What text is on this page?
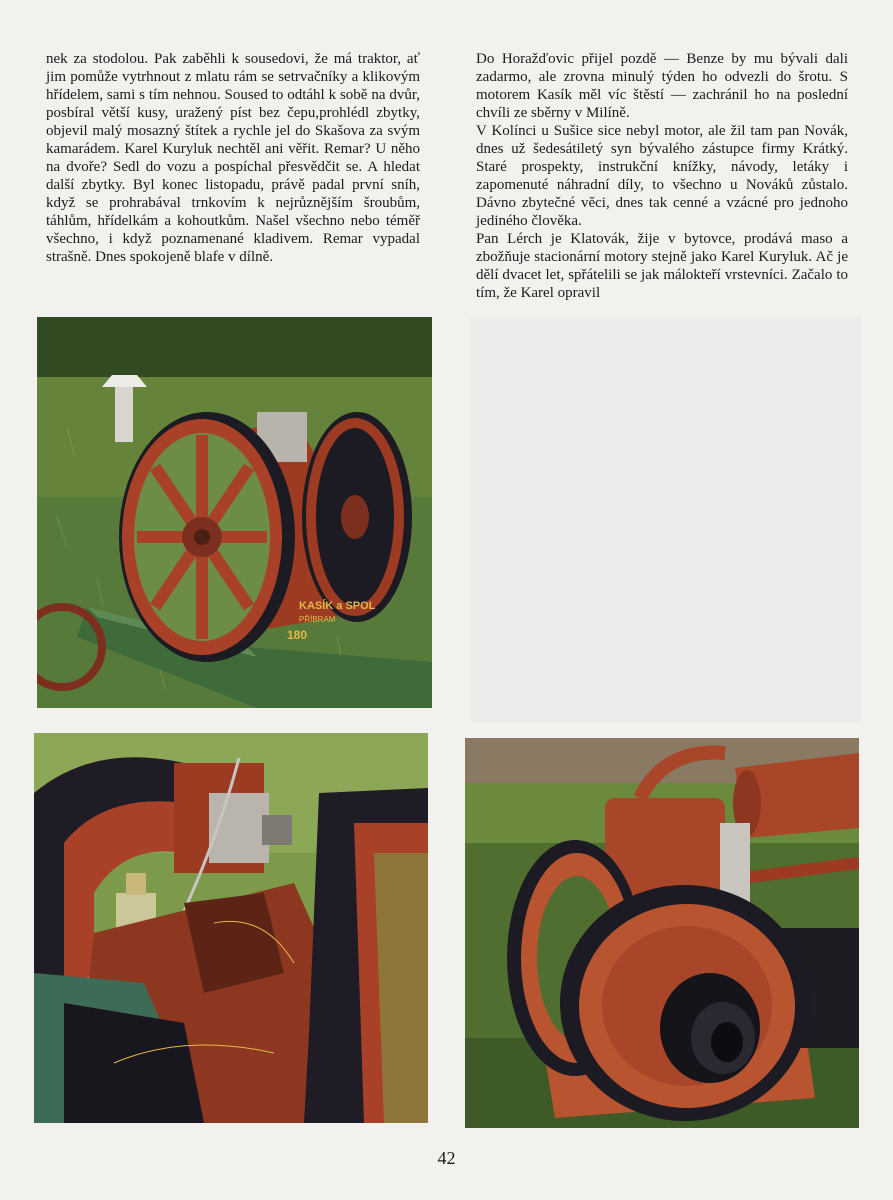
nek za stodolou. Pak zaběhli k sousedovi, že má traktor, ať jim pomůže vytrhnout z mlatu rám se setrvačníky a klikovým hřídelem, sami s tím nehnou. Soused to odtáhl k sobě na dvůr, posbíral větší kusy, uražený píst bez čepu,prohlédl zbytky, objevil malý mosazný štítek a rychle jel do Skašova za svým kamarádem. Karel Kuryluk nechtěl ani věřit. Remar? U něho na dvoře? Sedl do vozu a pospíchal přesvědčit se. A hledat další zbytky. Byl konec listopadu, právě padal první sníh, když se prohrabával trnkovím k nejrůznějším šroubům, táhlům, hřídelkám a kohoutkům. Našel všechno nebo téměř všechno, i když poznamenané kladivem. Remar vypadal strašně. Dnes spokojeně blafe v dílně.

Do Horažďovic přijel pozdě — Benze by mu bývali dali zadarmo, ale zrovna minulý týden ho odvezli do šrotu. S motorem Kasík měl víc štěstí — zachránil ho na poslední chvíli ze sběrny v Milíně.

V Kolínci u Sušice sice nebyl motor, ale žil tam pan Novák, dnes už šedesátiletý syn bývalého zástupce firmy Krátký. Staré prospekty, instrukční knížky, návody, letáky i zapomenuté náhradní díly, to všechno u Nováků zůstalo. Dávno zbytečné věci, dnes tak cenné a vzácné pro jednoho jediného člověka.

Pan Lérch je Klatovák, žije v bytovce, prodává maso a zbožňuje stacionární motory stejně jako Karel Kuryluk. Ač je dělí dvacet let, spřátelili se jak málokteří vrstevníci. Začalo to tím, že Karel opravil

KASÍK a SPOL
PŘÍBRAM
180
42
